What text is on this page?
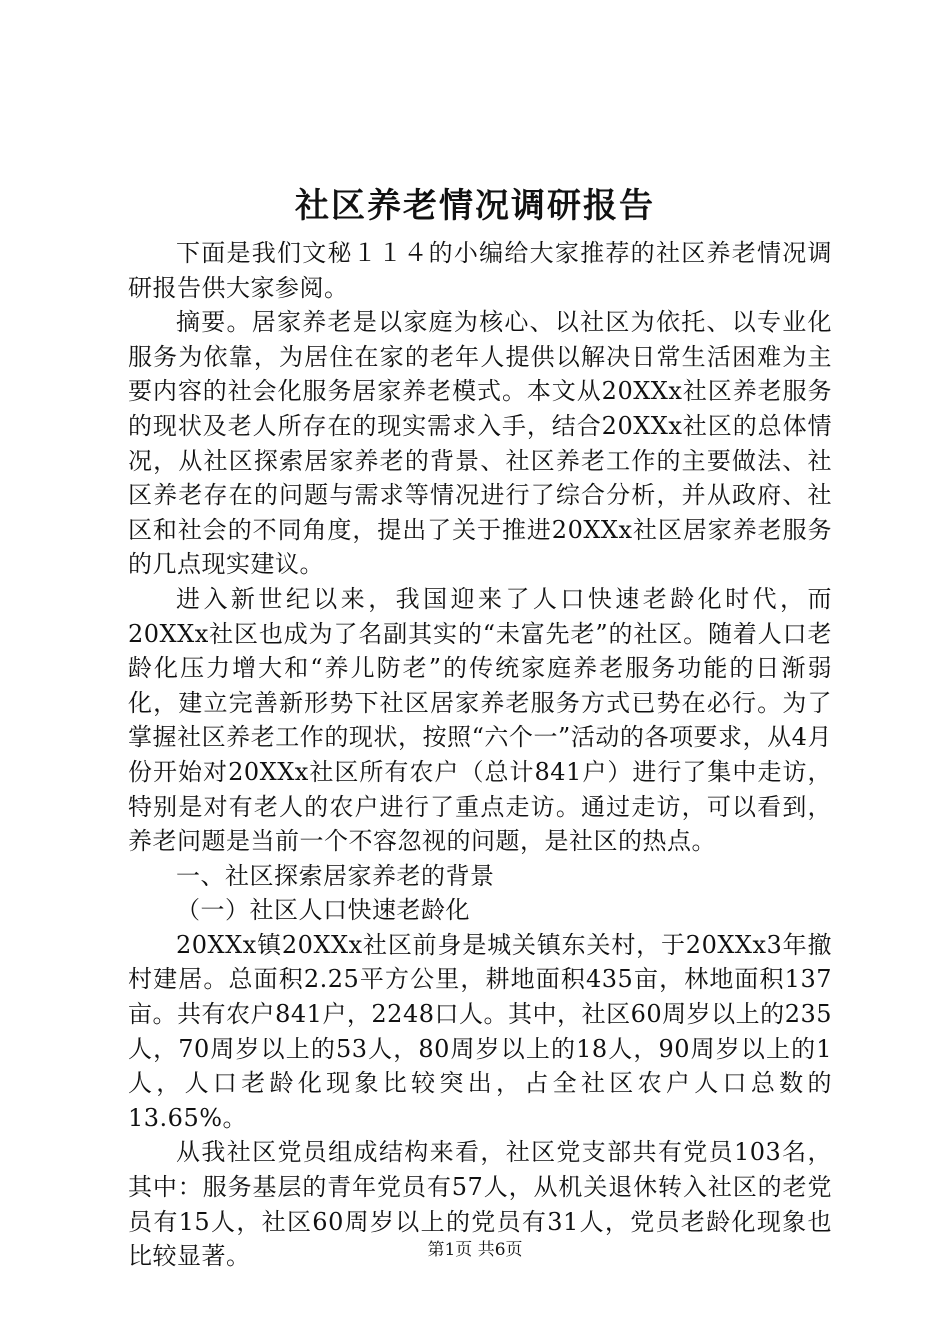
社区养老情况调研报告

下面是我们文秘１１４的小编给大家推荐的社区养老情况调研报告供大家参阅。

摘要。居家养老是以家庭为核心、以社区为依托、以专业化服务为依靠，为居住在家的老年人提供以解决日常生活困难为主要内容的社会化服务居家养老模式。本文从20XXx社区养老服务的现状及老人所存在的现实需求入手，结合20XXx社区的总体情况，从社区探索居家养老的背景、社区养老工作的主要做法、社区养老存在的问题与需求等情况进行了综合分析，并从政府、社区和社会的不同角度，提出了关于推进20XXx社区居家养老服务的几点现实建议。

进入新世纪以来，我国迎来了人口快速老龄化时代，而20XXx社区也成为了名副其实的“未富先老”的社区。随着人口老龄化压力增大和“养儿防老”的传统家庭养老服务功能的日渐弱化，建立完善新形势下社区居家养老服务方式已势在必行。为了掌握社区养老工作的现状，按照“六个一”活动的各项要求，从4月份开始对20XXx社区所有农户（总计841户）进行了集中走访，特别是对有老人的农户进行了重点走访。通过走访，可以看到，养老问题是当前一个不容忽视的问题，是社区的热点。

一、社区探索居家养老的背景

（一）社区人口快速老龄化

20XXx镇20XXx社区前身是城关镇东关村，于20XXx3年撤村建居。总面积2.25平方公里，耕地面积435亩，林地面积137亩。共有农户841户，2248口人。其中，社区60周岁以上的235人，70周岁以上的53人，80周岁以上的18人，90周岁以上的1人，人口老龄化现象比较突出，占全社区农户人口总数的13.65%。

从我社区党员组成结构来看，社区党支部共有党员103名，其中：服务基层的青年党员有57人，从机关退休转入社区的老党员有15人，社区60周岁以上的党员有31人，党员老龄化现象也比较显著。	第1页 共6页
